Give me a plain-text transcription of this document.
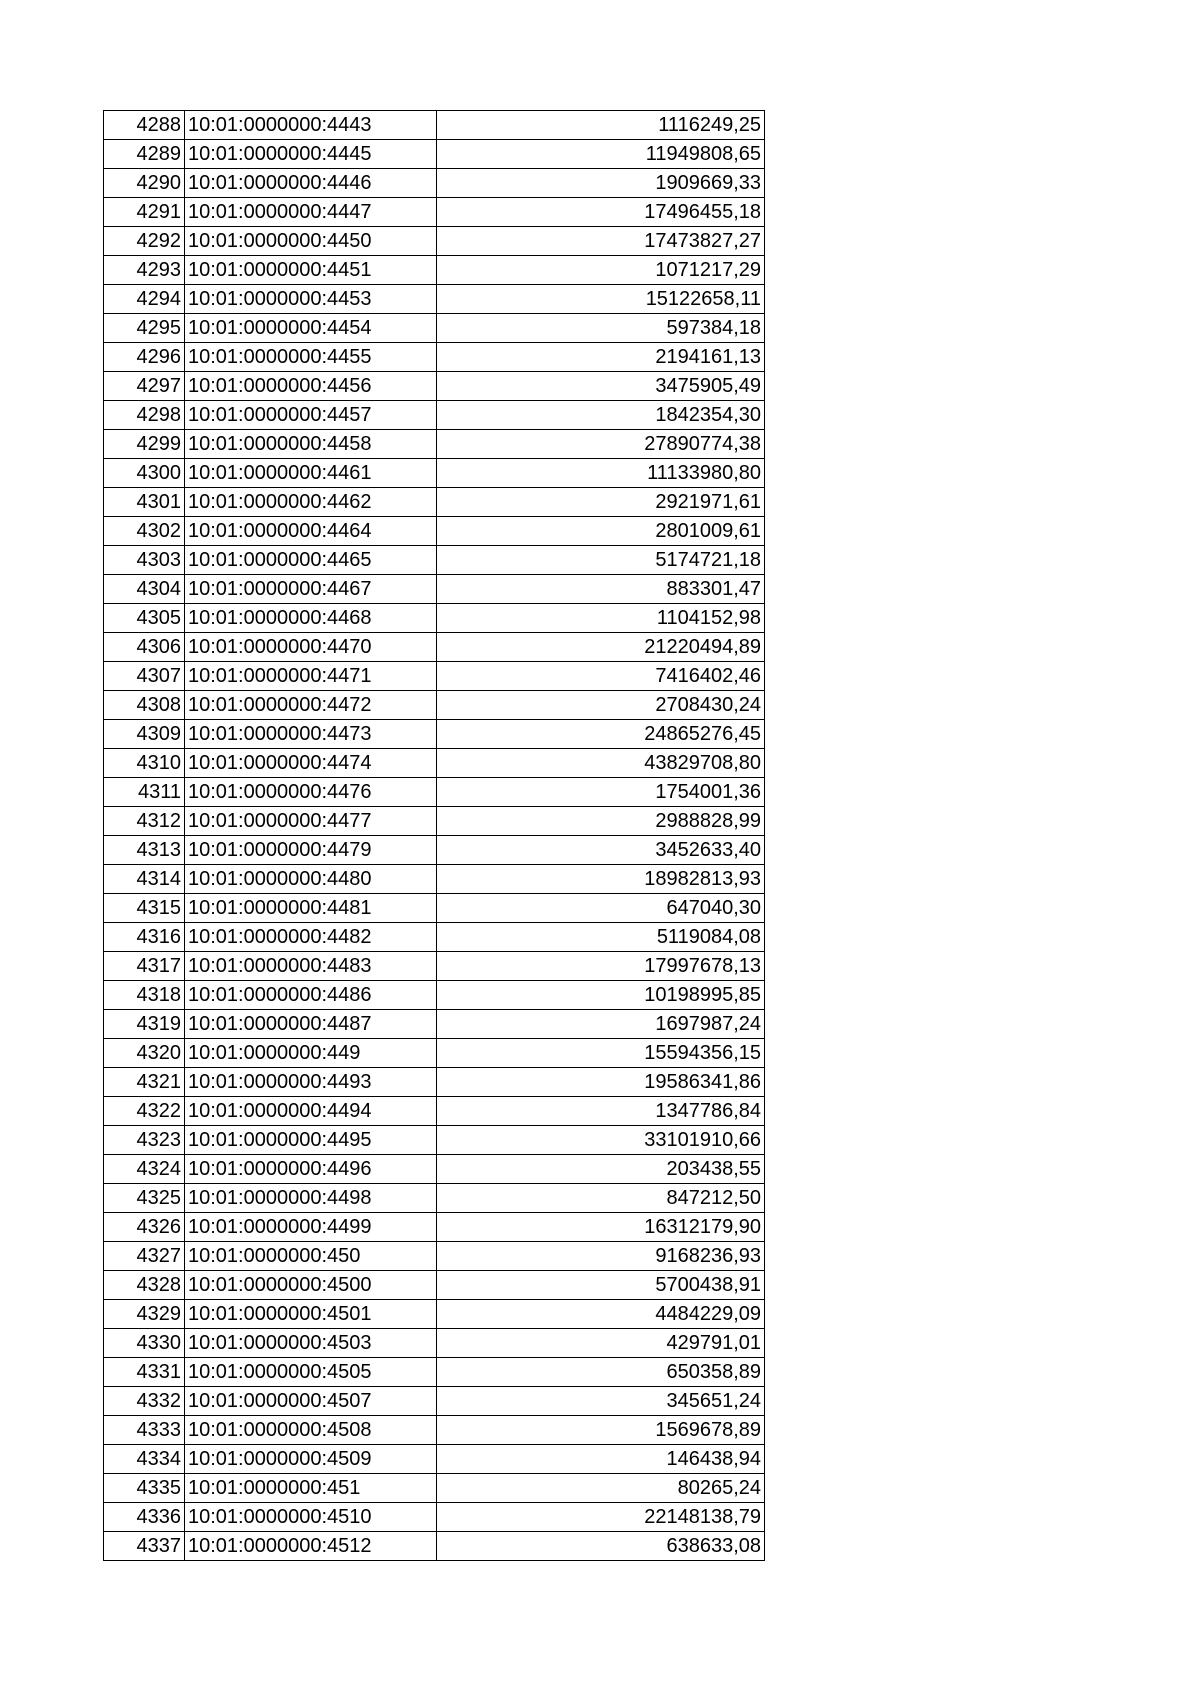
4288	10:01:0000000:4443	1116249,25
4289	10:01:0000000:4445	11949808,65
4290	10:01:0000000:4446	1909669,33
4291	10:01:0000000:4447	17496455,18
4292	10:01:0000000:4450	17473827,27
4293	10:01:0000000:4451	1071217,29
4294	10:01:0000000:4453	15122658,11
4295	10:01:0000000:4454	597384,18
4296	10:01:0000000:4455	2194161,13
4297	10:01:0000000:4456	3475905,49
4298	10:01:0000000:4457	1842354,30
4299	10:01:0000000:4458	27890774,38
4300	10:01:0000000:4461	11133980,80
4301	10:01:0000000:4462	2921971,61
4302	10:01:0000000:4464	2801009,61
4303	10:01:0000000:4465	5174721,18
4304	10:01:0000000:4467	883301,47
4305	10:01:0000000:4468	1104152,98
4306	10:01:0000000:4470	21220494,89
4307	10:01:0000000:4471	7416402,46
4308	10:01:0000000:4472	2708430,24
4309	10:01:0000000:4473	24865276,45
4310	10:01:0000000:4474	43829708,80
4311	10:01:0000000:4476	1754001,36
4312	10:01:0000000:4477	2988828,99
4313	10:01:0000000:4479	3452633,40
4314	10:01:0000000:4480	18982813,93
4315	10:01:0000000:4481	647040,30
4316	10:01:0000000:4482	5119084,08
4317	10:01:0000000:4483	17997678,13
4318	10:01:0000000:4486	10198995,85
4319	10:01:0000000:4487	1697987,24
4320	10:01:0000000:449	15594356,15
4321	10:01:0000000:4493	19586341,86
4322	10:01:0000000:4494	1347786,84
4323	10:01:0000000:4495	33101910,66
4324	10:01:0000000:4496	203438,55
4325	10:01:0000000:4498	847212,50
4326	10:01:0000000:4499	16312179,90
4327	10:01:0000000:450	9168236,93
4328	10:01:0000000:4500	5700438,91
4329	10:01:0000000:4501	4484229,09
4330	10:01:0000000:4503	429791,01
4331	10:01:0000000:4505	650358,89
4332	10:01:0000000:4507	345651,24
4333	10:01:0000000:4508	1569678,89
4334	10:01:0000000:4509	146438,94
4335	10:01:0000000:451	80265,24
4336	10:01:0000000:4510	22148138,79
4337	10:01:0000000:4512	638633,08
